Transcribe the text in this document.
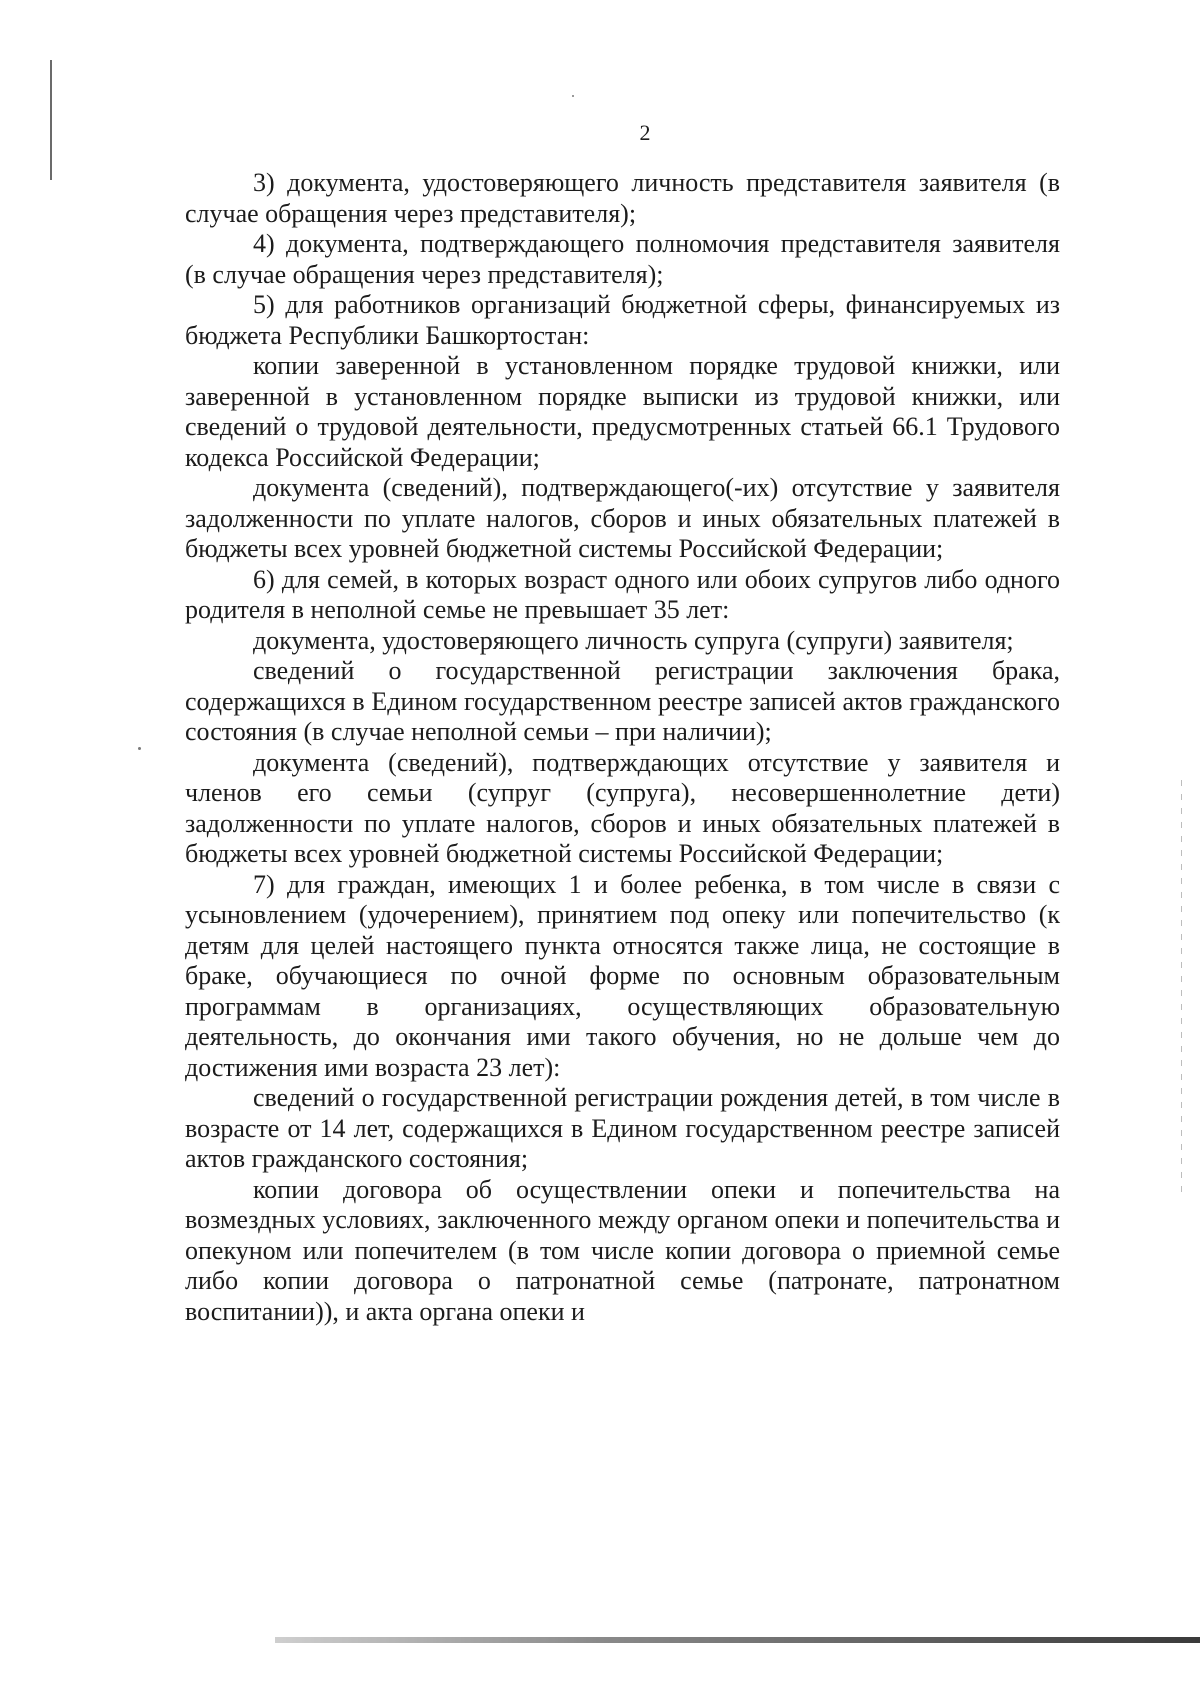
2

3) документа, удостоверяющего личность представителя заявителя (в случае обращения через представителя);

4) документа, подтверждающего полномочия представителя заявителя (в случае обращения через представителя);

5) для работников организаций бюджетной сферы, финансируемых из бюджета Республики Башкортостан:

копии заверенной в установленном порядке трудовой книжки, или заверенной в установленном порядке выписки из трудовой книжки, или сведений о трудовой деятельности, предусмотренных статьей 66.1 Трудового кодекса Российской Федерации;

документа (сведений), подтверждающего(-их) отсутствие у заявителя задолженности по уплате налогов, сборов и иных обязательных платежей в бюджеты всех уровней бюджетной системы Российской Федерации;

6) для семей, в которых возраст одного или обоих супругов либо одного родителя в неполной семье не превышает 35 лет:

документа, удостоверяющего личность супруга (супруги) заявителя;

сведений о государственной регистрации заключения брака, содержащихся в Едином государственном реестре записей актов гражданского состояния (в случае неполной семьи – при наличии);

документа (сведений), подтверждающих отсутствие у заявителя и членов его семьи (супруг (супруга), несовершеннолетние дети) задолженности по уплате налогов, сборов и иных обязательных платежей в бюджеты всех уровней бюджетной системы Российской Федерации;

7) для граждан, имеющих 1 и более ребенка, в том числе в связи с усыновлением (удочерением), принятием под опеку или попечительство (к детям для целей настоящего пункта относятся также лица, не состоящие в браке, обучающиеся по очной форме по основным образовательным программам в организациях, осуществляющих образовательную деятельность, до окончания ими такого обучения, но не дольше чем до достижения ими возраста 23 лет):

сведений о государственной регистрации рождения детей, в том числе в возрасте от 14 лет, содержащихся в Едином государственном реестре записей актов гражданского состояния;

копии договора об осуществлении опеки и попечительства на возмездных условиях, заключенного между органом опеки и попечительства и опекуном или попечителем (в том числе копии договора о приемной семье либо копии договора о патронатной семье (патронате, патронатном воспитании)), и акта органа опеки и
